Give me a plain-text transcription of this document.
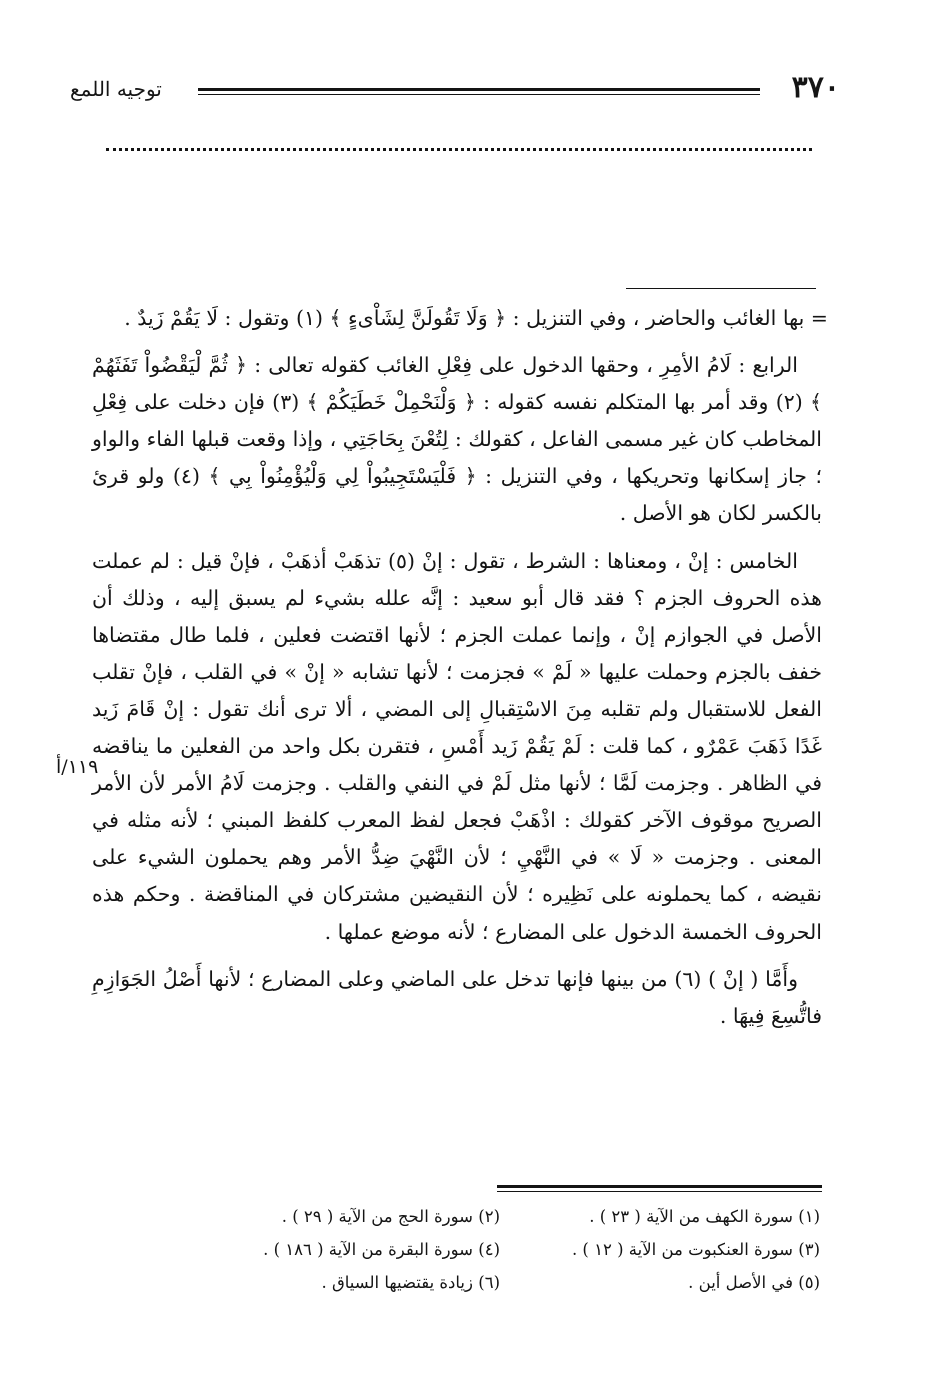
٣٧٠
توجيه اللمع

= بها الغائب والحاضر ، وفي التنزيل : ﴿ وَلَا تَقُولَنَّ لِشَاْىءٍ ﴾ (١) وتقول : لَا يَقُمْ زَيدٌ .

الرابع : لَامُ الأمِرِ ، وحقها الدخول على فِعْلِ الغائب كقوله تعالى : ﴿ ثُمَّ لْيَقْضُواْ تَفَثَهُمْ ﴾ (٢) وقد أمر بها المتكلم نفسه كقوله : ﴿ وَلْنَحْمِلْ خَطَيَكُمْ ﴾ (٣) فإن دخلت على فِعْلِ المخاطب كان غير مسمى الفاعل ، كقولك : لِتُعْنَ بِحَاجَتِي ، وإذا وقعت قبلها الفاء والواو ؛ جاز إسكانها وتحريكها ، وفي التنزيل : ﴿ فَلْيَسْتَجِيبُواْ لِي وَلْيُؤْمِنُواْ بِي ﴾ (٤) ولو قرئ بالكسر لكان هو الأصل .

الخامس : إنْ ، ومعناها : الشرط ، تقول : إنْ (٥) تذهَبْ أذهَبْ ، فإنْ قيل : لم عملت هذه الحروف الجزم ؟ فقد قال أبو سعيد : إنَّه علله بشيء لم يسبق إليه ، وذلك أن الأصل في الجوازم إنْ ، وإنما عملت الجزم ؛ لأنها اقتضت فعلين ، فلما طال مقتضاها خفف بالجزم وحملت عليها « لَمْ » فجزمت ؛ لأنها تشابه « إنْ » في القلب ، فإنْ تقلب الفعل للاستقبال ولم تقلبه مِنَ الاسْتِقبالِ إلى المضي ، ألا ترى أنك تقول : إنْ قَامَ زَيد غَدًا ذَهَبَ عَمْرٌو ، كما قلت : لَمْ يَقُمْ زَيد أَمْسِ ، فتقرن بكل واحد من الفعلين ما يناقضه في الظاهر . وجزمت لَمَّا ؛ لأنها مثل لَمْ في النفي والقلب . وجزمت لَامُ الأمر لأن الأمر الصريح موقوف الآخر كقولك : اذْهَبْ فجعل لفظ المعرب كلفظ المبني ؛ لأنه مثله في المعنى . وجزمت « لَا » في النَّهْيِ ؛ لأن النَّهْيَ ضِدُّ الأمر وهم يحملون الشيء على نقيضه ، كما يحملونه على نَظِيره ؛ لأن النقيضين مشتركان في المناقضة . وحكم هذه الحروف الخمسة الدخول على المضارع ؛ لأنه موضع عملها .

وأَمَّا ( إنْ ) (٦) من بينها فإنها تدخل على الماضي وعلى المضارع ؛ لأنها أَصْلُ الجَوَازِمِ فاتُّسِعَ فِيهَا .

١١٩/أ
(١) سورة الكهف من الآية ( ٢٣ ) .
(٢) سورة الحج من الآية ( ٢٩ ) .
(٣) سورة العنكبوت من الآية ( ١٢ ) .
(٤) سورة البقرة من الآية ( ١٨٦ ) .
(٥) في الأصل أين .
(٦) زيادة يقتضيها السياق .
